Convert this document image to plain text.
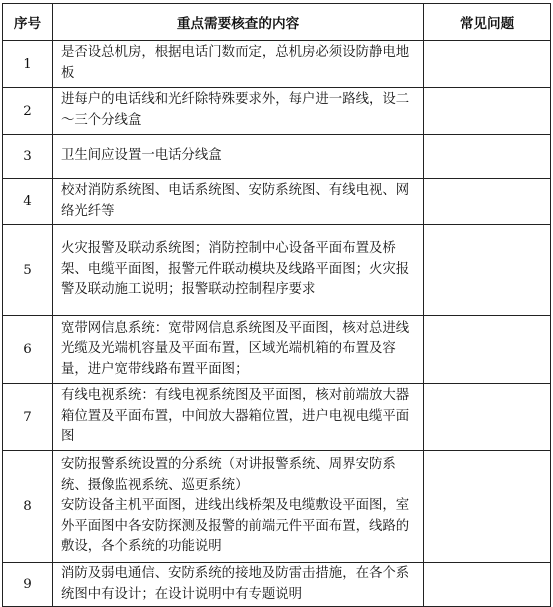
序号	重点需要核查的内容	常见问题
1	是否设总机房，根据电话门数而定，总机房必须设防静电地板	
2	进每户的电话线和光纤除特殊要求外，每户进一路线，设二～三个分线盒	
3	卫生间应设置一电话分线盒	
4	校对消防系统图、电话系统图、安防系统图、有线电视、网络光纤等	
5	火灾报警及联动系统图；消防控制中心设备平面布置及桥架、电缆平面图，报警元件联动模块及线路平面图；火灾报警及联动施工说明；报警联动控制程序要求	
6	宽带网信息系统：宽带网信息系统图及平面图，核对总进线光缆及光端机容量及平面布置，区域光端机箱的布置及容量，进户宽带线路布置平面图；	
7	有线电视系统：有线电视系统图及平面图，核对前端放大器箱位置及平面布置，中间放大器箱位置，进户电视电缆平面图	
8	安防报警系统设置的分系统（对讲报警系统、周界安防系统、摄像监视系统、巡更系统）
安防设备主机平面图，进线出线桥架及电缆敷设平面图，室外平面图中各安防探测及报警的前端元件平面布置，线路的敷设，各个系统的功能说明	
9	消防及弱电通信、安防系统的接地及防雷击措施，在各个系统图中有设计；在设计说明中有专题说明	
